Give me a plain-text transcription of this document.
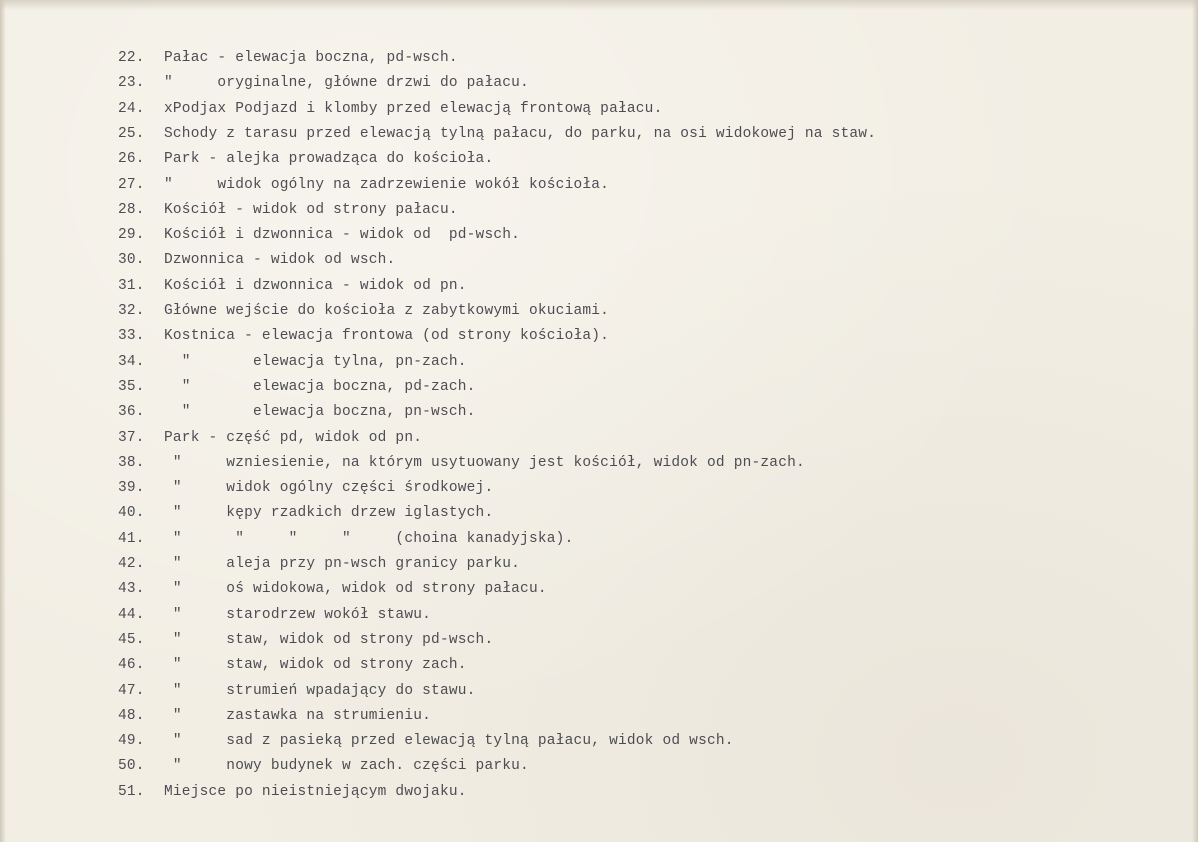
22. Pałac - elewacja boczna, pd-wsch.
23. "     oryginalne, główne drzwi do pałacu.
24. xPodjax Podjazd i klomby przed elewacją frontową pałacu.
25. Schody z tarasu przed elewacją tylną pałacu, do parku, na osi widokowej na staw.
26. Park - alejka prowadząca do kościoła.
27. "     widok ogólny na zadrzewienie wokół kościoła.
28. Kościół - widok od strony pałacu.
29. Kościół i dzwonnica - widok od  pd-wsch.
30. Dzwonnica - widok od wsch.
31. Kościół i dzwonnica - widok od pn.
32. Główne wejście do kościoła z zabytkowymi okuciami.
33. Kostnica - elewacja frontowa (od strony kościoła).
34. "       elewacja tylna, pn-zach.
35. "       elewacja boczna, pd-zach.
36. "       elewacja boczna, pn-wsch.
37. Park - część pd, widok od pn.
38. "     wzniesienie, na którym usytuowany jest kościół, widok od pn-zach.
39. "     widok ogólny części środkowej.
40. "     kępy rzadkich drzew iglastych.
41. "      "     "     "     (choina kanadyjska).
42. "     aleja przy pn-wsch granicy parku.
43. "     oś widokowa, widok od strony pałacu.
44. "     starodrzew wokół stawu.
45. "     staw, widok od strony pd-wsch.
46. "     staw, widok od strony zach.
47. "     strumień wpadający do stawu.
48. "     zastawka na strumieniu.
49. "     sad z pasieką przed elewacją tylną pałacu, widok od wsch.
50. "     nowy budynek w zach. części parku.
51. Miejsce po nieistniejącym dwojaku.
